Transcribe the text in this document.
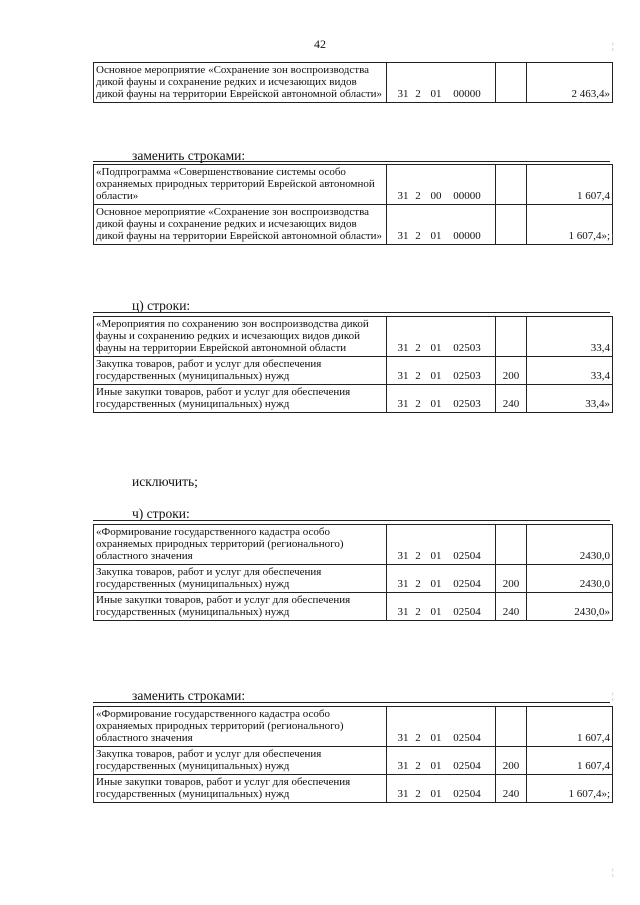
42
Основное мероприятие «Сохранение зон воспроизводства дикой фауны и сохранение редких и исчезающих видов дикой фауны на территории Еврейской автономной области»	31 2 01 00000		2 463,4»
заменить строками:
«Подпрограмма «Совершенствование системы особо охраняемых природных территорий Еврейской автономной области»	31 2 00 00000		1 607,4
Основное мероприятие «Сохранение зон воспроизводства дикой фауны и сохранение редких и исчезающих видов дикой фауны на территории Еврейской автономной области»	31 2 01 00000		1 607,4»;
ц) строки:
«Мероприятия по сохранению зон воспроизводства дикой фауны и сохранению редких и исчезающих видов дикой фауны на территории Еврейской автономной области	31 2 01 02503		33,4
Закупка товаров, работ и услуг для обеспечения государственных (муниципальных) нужд	31 2 01 02503	200	33,4
Иные закупки товаров, работ и услуг для обеспечения государственных (муниципальных) нужд	31 2 01 02503	240	33,4»
исключить;
ч) строки:
«Формирование государственного кадастра особо охраняемых природных территорий (регионального) областного значения	31 2 01 02504		2430,0
Закупка товаров, работ и услуг для обеспечения государственных (муниципальных) нужд	31 2 01 02504	200	2430,0
Иные закупки товаров, работ и услуг для обеспечения государственных (муниципальных) нужд	31 2 01 02504	240	2430,0»
заменить строками:
«Формирование государственного кадастра особо охраняемых природных территорий (регионального) областного значения	31 2 01 02504		1 607,4
Закупка товаров, работ и услуг для обеспечения государственных (муниципальных) нужд	31 2 01 02504	200	1 607,4
Иные закупки товаров, работ и услуг для обеспечения государственных (муниципальных) нужд	31 2 01 02504	240	1 607,4»;
¦
¦
¦
¦
